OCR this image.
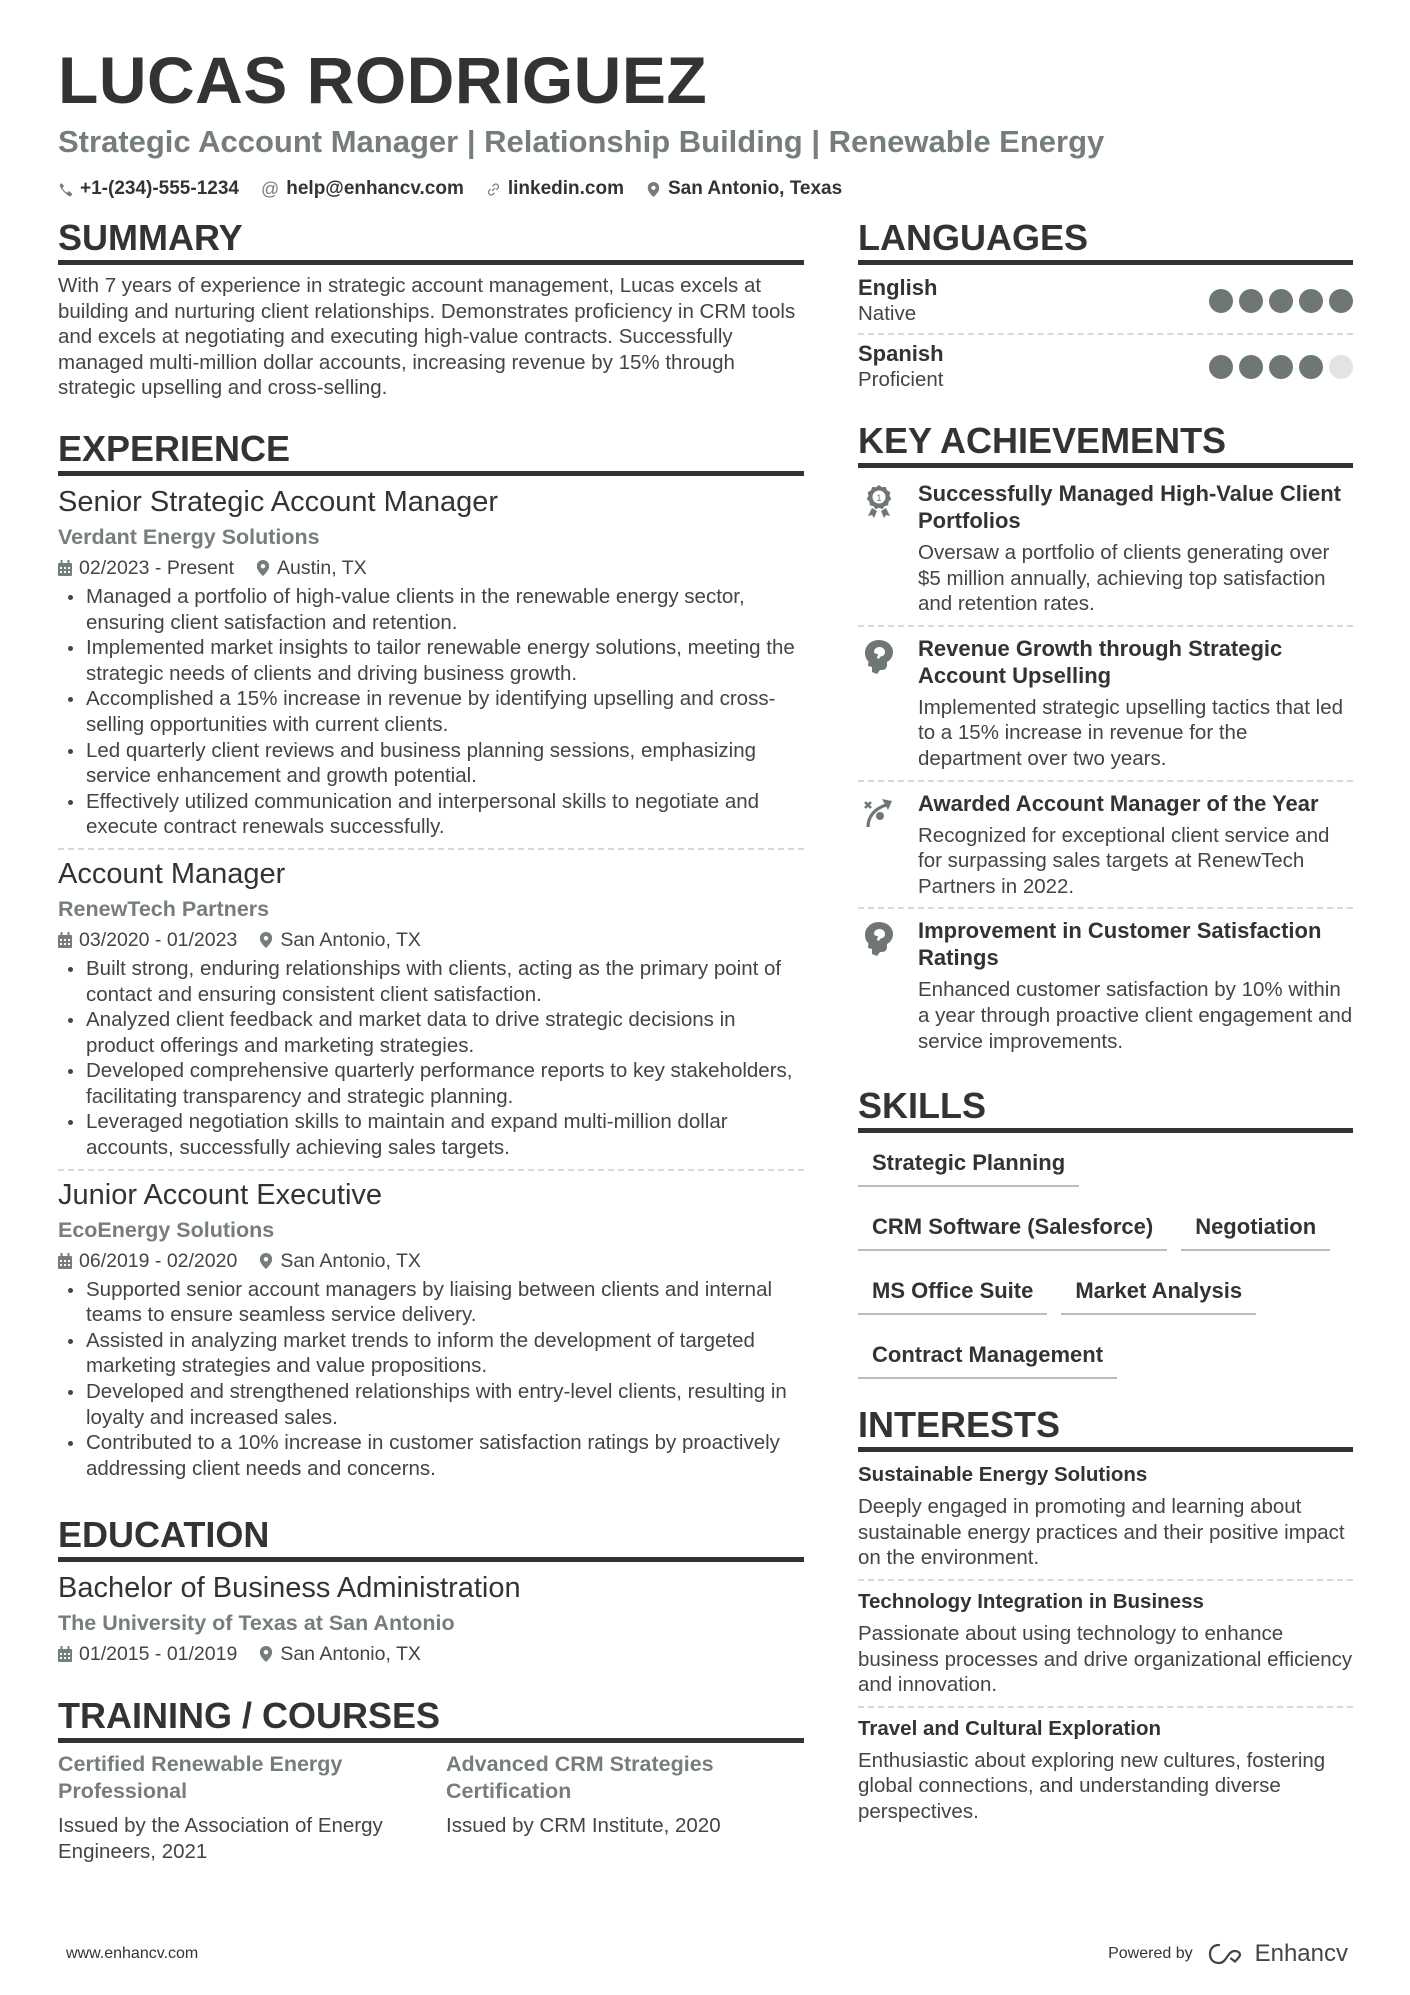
LUCAS RODRIGUEZ
Strategic Account Manager | Relationship Building | Renewable Energy
+1-(234)-555-1234 @ help@enhancv.com linkedin.com San Antonio, Texas
SUMMARY

With 7 years of experience in strategic account management, Lucas excels at building and nurturing client relationships. Demonstrates proficiency in CRM tools and excels at negotiating and executing high-value contracts. Successfully managed multi-million dollar accounts, increasing revenue by 15% through strategic upselling and cross-selling.

EXPERIENCE
Senior Strategic Account Manager
Verdant Energy Solutions
02/2023 - Present Austin, TX
Managed a portfolio of high-value clients in the renewable energy sector, ensuring client satisfaction and retention.
Implemented market insights to tailor renewable energy solutions, meeting the strategic needs of clients and driving business growth.
Accomplished a 15% increase in revenue by identifying upselling and cross-selling opportunities with current clients.
Led quarterly client reviews and business planning sessions, emphasizing service enhancement and growth potential.
Effectively utilized communication and interpersonal skills to negotiate and execute contract renewals successfully.
Account Manager
RenewTech Partners
03/2020 - 01/2023 San Antonio, TX
Built strong, enduring relationships with clients, acting as the primary point of contact and ensuring consistent client satisfaction.
Analyzed client feedback and market data to drive strategic decisions in product offerings and marketing strategies.
Developed comprehensive quarterly performance reports to key stakeholders, facilitating transparency and strategic planning.
Leveraged negotiation skills to maintain and expand multi-million dollar accounts, successfully achieving sales targets.
Junior Account Executive
EcoEnergy Solutions
06/2019 - 02/2020 San Antonio, TX
Supported senior account managers by liaising between clients and internal teams to ensure seamless service delivery.
Assisted in analyzing market trends to inform the development of targeted marketing strategies and value propositions.
Developed and strengthened relationships with entry-level clients, resulting in loyalty and increased sales.
Contributed to a 10% increase in customer satisfaction ratings by proactively addressing client needs and concerns.
EDUCATION
Bachelor of Business Administration
The University of Texas at San Antonio
01/2015 - 01/2019 San Antonio, TX
TRAINING / COURSES
Certified Renewable Energy Professional
Issued by the Association of Energy Engineers, 2021
Advanced CRM Strategies Certification
Issued by CRM Institute, 2020
LANGUAGES
English
Native
Spanish
Proficient
KEY ACHIEVEMENTS
Successfully Managed High-Value Client Portfolios
Oversaw a portfolio of clients generating over $5 million annually, achieving top satisfaction and retention rates.
Revenue Growth through Strategic Account Upselling
Implemented strategic upselling tactics that led to a 15% increase in revenue for the department over two years.
Awarded Account Manager of the Year
Recognized for exceptional client service and for surpassing sales targets at RenewTech Partners in 2022.
Improvement in Customer Satisfaction Ratings
Enhanced customer satisfaction by 10% within a year through proactive client engagement and service improvements.
SKILLS
Strategic Planning
CRM Software (Salesforce)	Negotiation
MS Office Suite	Market Analysis
Contract Management
INTERESTS
Sustainable Energy Solutions
Deeply engaged in promoting and learning about sustainable energy practices and their positive impact on the environment.
Technology Integration in Business
Passionate about using technology to enhance business processes and drive organizational efficiency and innovation.
Travel and Cultural Exploration
Enthusiastic about exploring new cultures, fostering global connections, and understanding diverse perspectives.
www.enhancv.com	Powered by	Enhancv
